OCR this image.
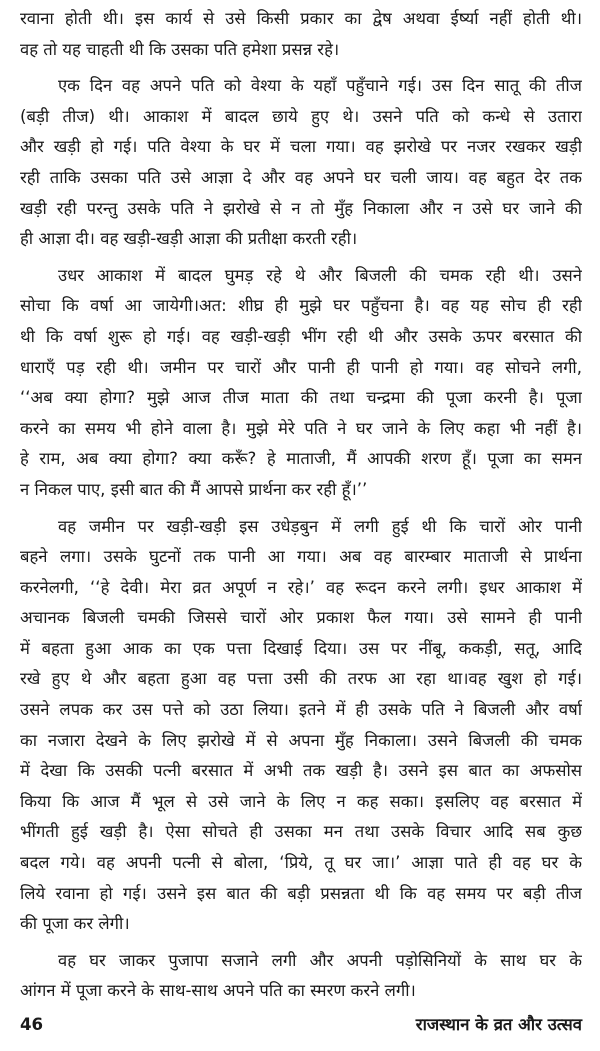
रवाना होती थी। इस कार्य से उसे किसी प्रकार का द्वेष अथवा ईर्ष्या नहीं होती थी।
वह तो यह चाहती थी कि उसका पति हमेशा प्रसन्न रहे।
एक दिन वह अपने पति को वेश्या के यहाँ पहुँचाने गई। उस दिन सातू की तीज
(बड़ी तीज) थी। आकाश में बादल छाये हुए थे। उसने पति को कन्धे से उतारा
और खड़ी हो गई। पति वेश्या के घर में चला गया। वह झरोखे पर नजर रखकर खड़ी
रही ताकि उसका पति उसे आज्ञा दे और वह अपने घर चली जाय। वह बहुत देर तक
खड़ी रही परन्तु उसके पति ने झरोखे से न तो मुँह निकाला और न उसे घर जाने की
ही आज्ञा दी। वह खड़ी-खड़ी आज्ञा की प्रतीक्षा करती रही।
उधर आकाश में बादल घुमड़ रहे थे और बिजली की चमक रही थी। उसने
सोचा कि वर्षा आ जायेगी।अत: शीघ्र ही मुझे घर पहुँचना है। वह यह सोच ही रही
थी कि वर्षा शुरू हो गई। वह खड़ी-खड़ी भींग रही थी और उसके ऊपर बरसात की
धाराएँ पड़ रही थी। जमीन पर चारों और पानी ही पानी हो गया। वह सोचने लगी,
‘‘अब क्या होगा? मुझे आज तीज माता की तथा चन्द्रमा की पूजा करनी है। पूजा
करने का समय भी होने वाला है। मुझे मेरे पति ने घर जाने के लिए कहा भी नहीं है।
हे राम, अब क्या होगा? क्या करूँ? हे माताजी, मैं आपकी शरण हूँ। पूजा का समन
न निकल पाए, इसी बात की मैं आपसे प्रार्थना कर रही हूँ।’’
वह जमीन पर खड़ी-खड़ी इस उधेड़बुन में लगी हुई थी कि चारों ओर पानी
बहने लगा। उसके घुटनों तक पानी आ गया। अब वह बारम्बार माताजी से प्रार्थना
करनेलगी, ‘‘हे देवी। मेरा व्रत अपूर्ण न रहे।’ वह रूदन करने लगी। इधर आकाश में
अचानक बिजली चमकी जिससे चारों ओर प्रकाश फैल गया। उसे सामने ही पानी
में बहता हुआ आक का एक पत्ता दिखाई दिया। उस पर नींबू, ककड़ी, सतू, आदि
रखे हुए थे और बहता हुआ वह पत्ता उसी की तरफ आ रहा था।वह खुश हो गई।
उसने लपक कर उस पत्ते को उठा लिया। इतने में ही उसके पति ने बिजली और वर्षा
का नजारा देखने के लिए झरोखे में से अपना मुँह निकाला। उसने बिजली की चमक
में देखा कि उसकी पत्नी बरसात में अभी तक खड़ी है। उसने इस बात का अफसोस
किया कि आज मैं भूल से उसे जाने के लिए न कह सका। इसलिए वह बरसात में
भींगती हुई खड़ी है। ऐसा सोचते ही उसका मन तथा उसके विचार आदि सब कुछ
बदल गये। वह अपनी पत्नी से बोला, ‘प्रिये, तू घर जा।’ आज्ञा पाते ही वह घर के
लिये रवाना हो गई। उसने इस बात की बड़ी प्रसन्नता थी कि वह समय पर बड़ी तीज
की पूजा कर लेगी।
वह घर जाकर पुजापा सजाने लगी और अपनी पड़ोसिनियों के साथ घर के
आंगन में पूजा करने के साथ-साथ अपने पति का स्मरण करने लगी।
46	राजस्थान के व्रत और उत्सव
